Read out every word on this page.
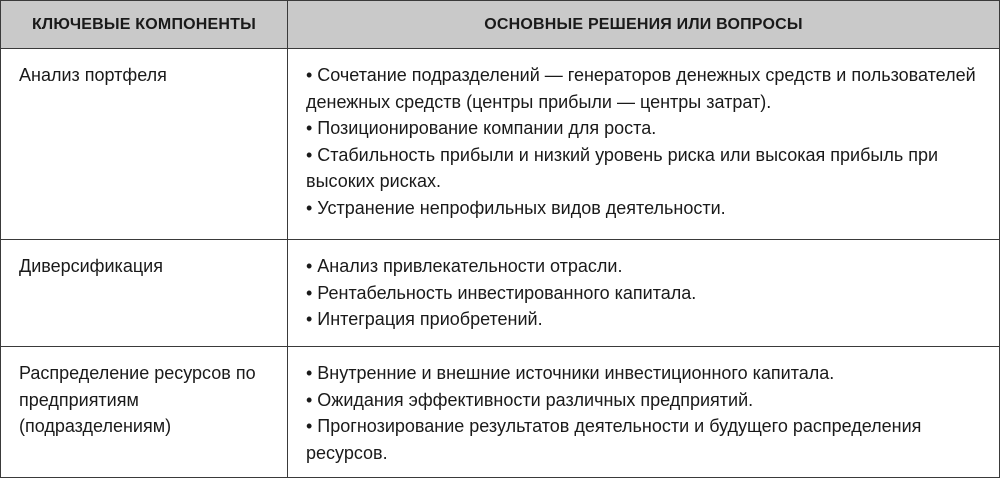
КЛЮЧЕВЫЕ КОМПОНЕНТЫ	ОСНОВНЫЕ РЕШЕНИЯ ИЛИ ВОПРОСЫ
Анализ портфеля	• Сочетание подразделений — генераторов денежных средств и пользователей денежных средств (центры прибыли — центры затрат).
• Позиционирование компании для роста.
• Стабильность прибыли и низкий уровень риска или высокая прибыль при высоких рисках.
• Устранение непрофильных видов деятельности.

Диверсификация	• Анализ привлекательности отрасли.
• Рентабельность инвестированного капитала.
• Интеграция приобретений.

Распределение ресурсов по предприятиям (подразделениям)	• Внутренние и внешние источники инвестиционного капитала.
• Ожидания эффективности различных предприятий.
• Прогнозирование результатов деятельности и будущего распределения ресурсов.
